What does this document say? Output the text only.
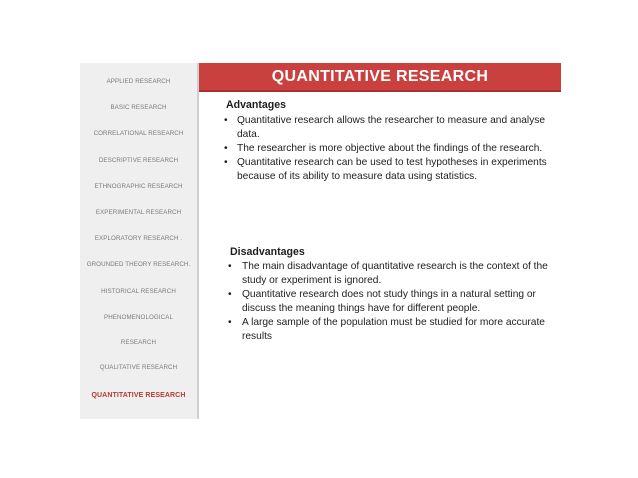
APPLIED RESEARCH
BASIC RESEARCH
CORRELATIONAL RESEARCH
DESCRIPTIVE RESEARCH
ETHNOGRAPHIC RESEARCH
EXPERIMENTAL RESEARCH
EXPLORATORY RESEARCH .
GROUNDED THEORY RESEARCH.
HISTORICAL RESEARCH
PHENOMENOLOGICAL
RESEARCH
QUALITATIVE RESEARCH
QUANTITATIVE RESEARCH
QUANTITATIVE RESEARCH
Advantages
• Quantitative research allows the researcher to measure and analyse data.
• The researcher is more objective about the findings of the research.
• Quantitative research can be used to test hypotheses in experiments because of its ability to measure data using statistics.
Disadvantages
• The main disadvantage of quantitative research is the context of the study or experiment is ignored.
• Quantitative research does not study things in a natural setting or discuss the meaning things have for different people.
• A large sample of the population must be studied for more accurate results
